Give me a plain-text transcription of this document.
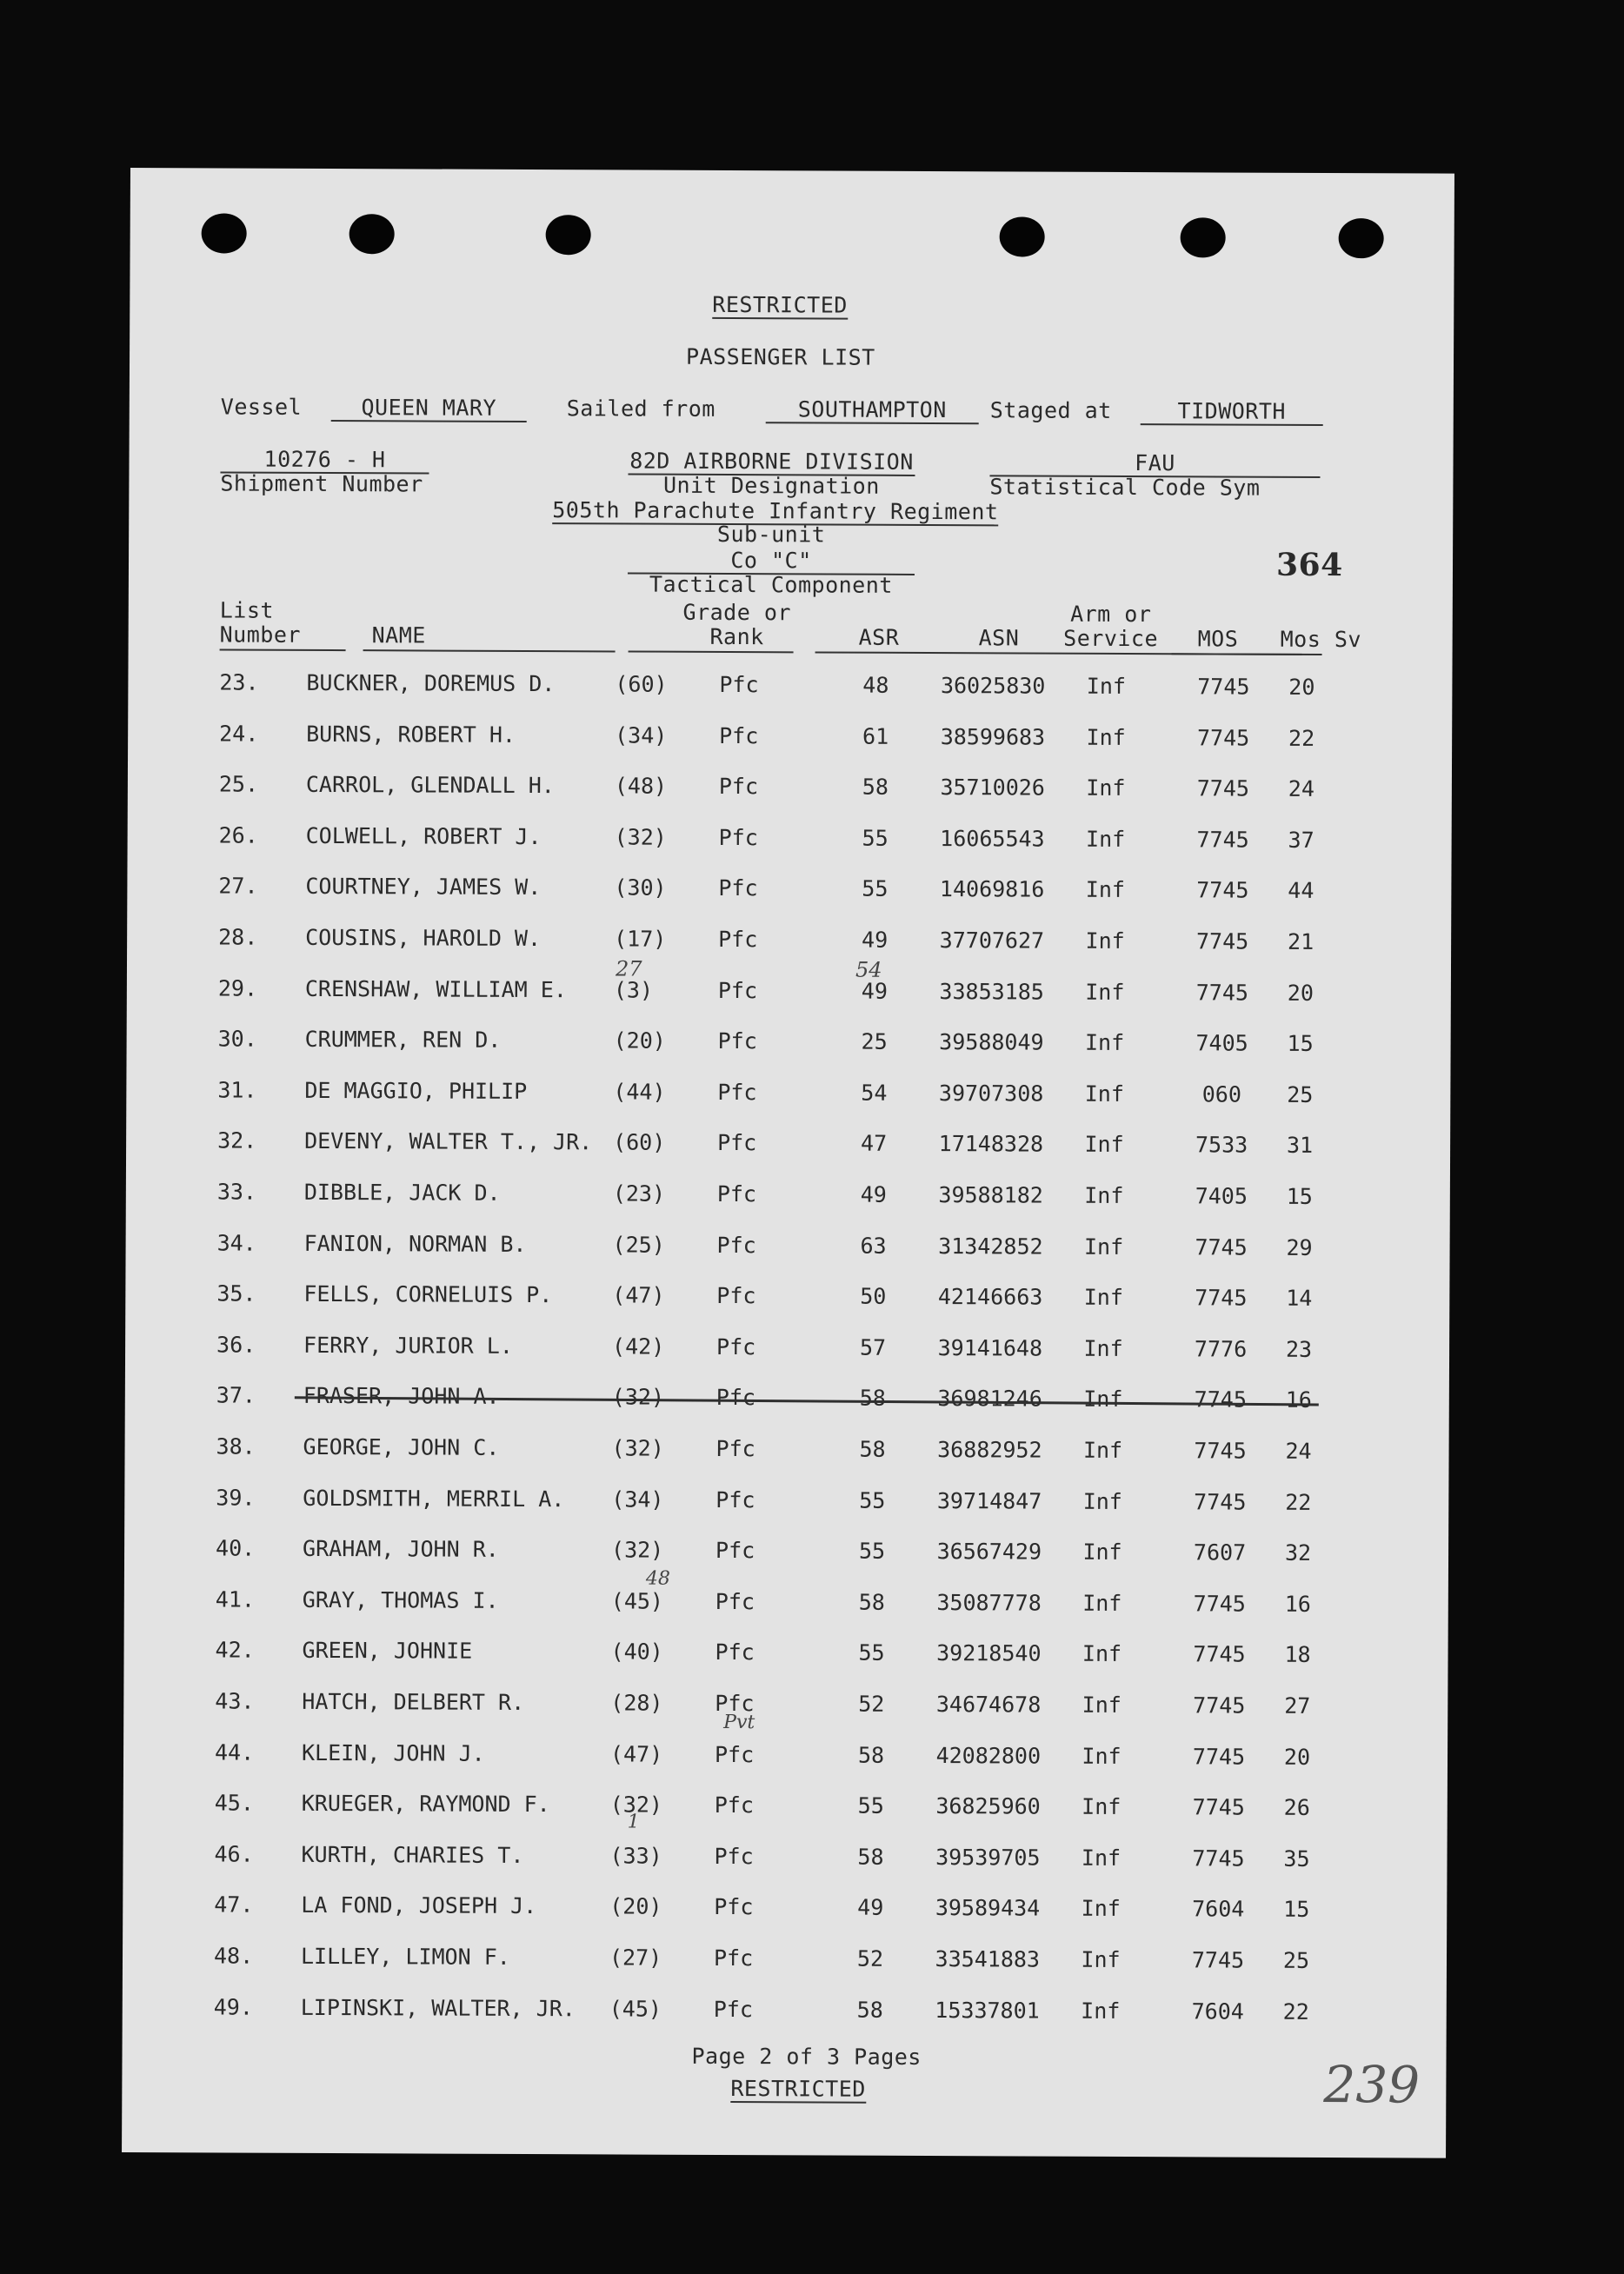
RESTRICTED
PASSENGER LIST
Vessel	QUEEN MARY	Sailed from	SOUTHAMPTON	Staged at	TIDWORTH
10276 - H
Shipment Number
82D AIRBORNE DIVISION
Unit Designation
FAU
Statistical Code Sym
505th Parachute Infantry Regiment
Sub-unit
Co "C"
Tactical Component
364
List
Number	NAME
Grade or
Rank	ASR	ASN
Arm or
Service	MOS Mos Sv
23.	BUCKNER, DOREMUS D.	(60)	Pfc	48	36025830	Inf	7745	20
24.	BURNS, ROBERT H.	(34)	Pfc	61	38599683	Inf	7745	22
25.	CARROL, GLENDALL H.	(48)	Pfc	58	35710026	Inf	7745	24
26.	COLWELL, ROBERT J.	(32)	Pfc	55	16065543	Inf	7745	37
27.	COURTNEY, JAMES W.	(30)	Pfc	55	14069816	Inf	7745	44
28.	COUSINS, HAROLD W.	(17)	Pfc	49	37707627	Inf	7745	21
29.	CRENSHAW, WILLIAM E.	(3)	Pfc	49	33853185	Inf	7745	20
30.	CRUMMER, REN D.	(20)	Pfc	25	39588049	Inf	7405	15
31.	DE MAGGIO, PHILIP	(44)	Pfc	54	39707308	Inf	060	25
32.	DEVENY, WALTER T., JR. (60)	Pfc	47	17148328	Inf	7533	31
33.	DIBBLE, JACK D.	(23)	Pfc	49	39588182	Inf	7405	15
34.	FANION, NORMAN B.	(25)	Pfc	63	31342852	Inf	7745	29
35.	FELLS, CORNELUIS P.	(47)	Pfc	50	42146663	Inf	7745	14
36.	FERRY, JURIOR L.	(42)	Pfc	57	39141648	Inf	7776	23
37.	FRASER, JOHN A.	(32)	Pfc	58	36981246	Inf	7745	16
38.	GEORGE, JOHN C.	(32)	Pfc	58	36882952	Inf	7745	24
39.	GOLDSMITH, MERRIL A.	(34)	Pfc	55	39714847	Inf	7745	22
40.	GRAHAM, JOHN R.	(32)	Pfc	55	36567429	Inf	7607	32
41.	GRAY, THOMAS I.	(45)	Pfc	58	35087778	Inf	7745	16
42.	GREEN, JOHNIE	(40)	Pfc	55	39218540	Inf	7745	18
43.	HATCH, DELBERT R.	(28)	Pfc	52	34674678	Inf	7745	27
44.	KLEIN, JOHN J.	(47)	Pfc	58	42082800	Inf	7745	20
45.	KRUEGER, RAYMOND F.	(32)	Pfc	55	36825960	Inf	7745	26
46.	KURTH, CHARIES T.	(33)	Pfc	58	39539705	Inf	7745	35
47.	LA FOND, JOSEPH J.	(20)	Pfc	49	39589434	Inf	7604	15
48.	LILLEY, LIMON F.	(27)	Pfc	52	33541883	Inf	7745	25
49.	LIPINSKI, WALTER, JR.	(45)	Pfc	58	15337801	Inf	7604	22
27	54
48
Pvt
1
Page 2 of 3 Pages
RESTRICTED	239
